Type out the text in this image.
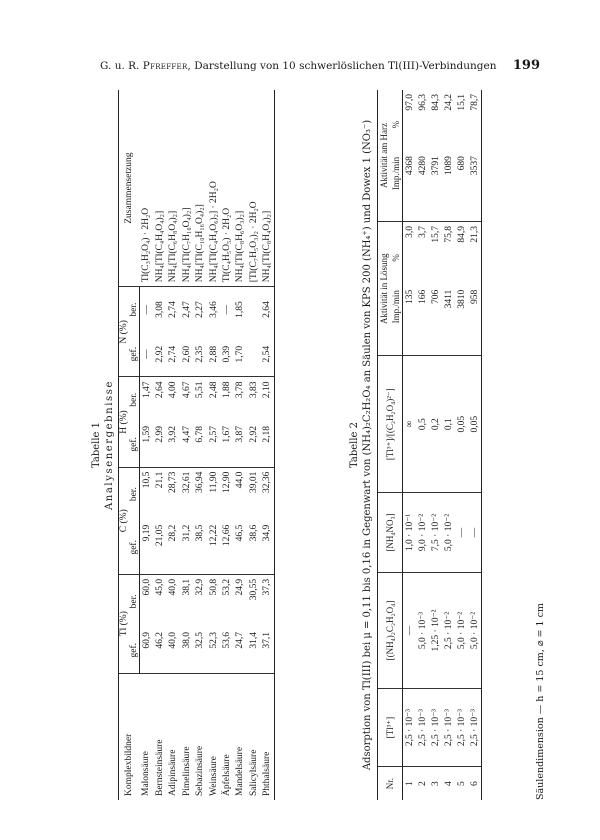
G. u. R. Pfreffer, Darstellung von 10 schwerlöslichen Tl(III)-Verbindungen 199
Tabelle 1 Analysenergebnisse
Komplexbildner	Tl (%)		C (%)		H (%)		N (%)		Zusammensetzung
	gef.	ber.	gef.	ber.	gef.	ber.	gef.	ber.	
Malonsäure	60,9	60,0	9,19	10,5	1,59	1,47	—	—	Tl(C₃H₂O₄) · 2H₂O
Bernsteinsäure	46,2	45,0	21,05	21,1	2,99	2,64	2,92	3,08	NH₄[Tl(C₄H₄O₄)₂]
Adipinsäure	40,0	40,0	28,2	28,73	3,92	4,00	2,74	2,74	NH₄[Tl(C₆H₈O₄)₂]
Pimelinsäure	38,0	38,1	31,2	32,61	4,47	4,67	2,60	2,47	NH₄[Tl(C₇H₁₀O₄)₂]
Sebazinsäure	32,5	32,9	38,5	36,94	6,78	5,51	2,35	2,27	NH₄[Tl(C₁₀H₁₆O₄)₂]
Weinsäure	52,3	50,8	12,22	11,90	2,57	2,48	2,88	3,46	NH₄[Tl(C₄H₄O₆)₂] · 2H₂O
Äpfelsäure	53,6	53,2	12,66	12,90	1,67	1,88	0,39	—	Tl(C₄H₅O₅) · 2H₂O
Mandelsäure	24,7	24,9	46,5	44,0	3,87	3,78	1,70	1,85	NH₄[Tl(C₈H₆O₃)₂]
Salicylsäure	31,4	30,55	38,6	39,01	2,92	3,83			[Tl(C₇H₅O₃)₂ · 2H₂O
Phthalsäure	37,1	37,3	34,9	32,36	2,18	2,10	2,54	2,64	NH₄[Tl(C₈H₄O₄)₂]
Tabelle 2 Adsorption von Tl(III) bei μ = 0,11 bis 0,16 in Gegenwart von (NH₄)₂C₂H₂O₄ an Säulen von KPS 200 (NH₄⁺) und Dowex 1 (NO₃⁻)
Nr.	[Tl³⁺]	[(NH₄)₂C₂H₂O₄]	[NH₄NO₃]	[Tl³⁺]/[(C₂H₂O₄)²⁻]	Aktivität in Lösung Imp./min  %		Aktivität am Harz Imp./min  %	
1	2,5 · 10⁻³	—	1,0 · 10⁻¹	∞	135	3,0	4368	97,0
2	2,5 · 10⁻³	5,0 · 10⁻³	9,0 · 10⁻²	0,5	166	3,7	4280	96,3
3	2,5 · 10⁻³	1,25 · 10⁻²	7,5 · 10⁻²	0,2	706	15,7	3791	84,3
4	2,5 · 10⁻³	2,5 · 10⁻²	5,0 · 10⁻²	0,1	3411	75,8	1089	24,2
5	2,5 · 10⁻³	5,0 · 10⁻²	—	0,05	3810	84,9	680	15,1
6	2,5 · 10⁻³	5,0 · 10⁻²	—	0,05	958	21,3	3537	78,7
Säulendimension — h = 15 cm, ⌀ = 1 cm
